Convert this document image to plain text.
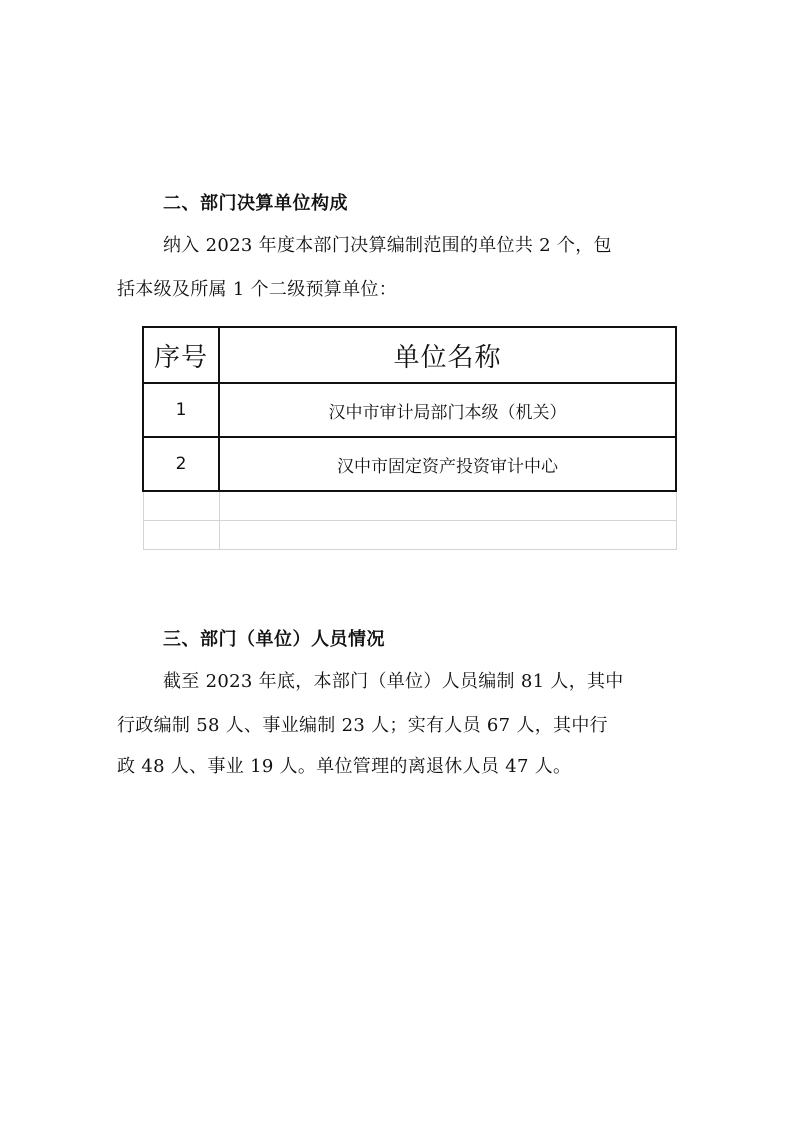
二、部门决算单位构成
纳入 2023 年度本部门决算编制范围的单位共 2 个，包
括本级及所属 1 个二级预算单位：
序号	单位名称
1	汉中市审计局部门本级（机关）
2	汉中市固定资产投资审计中心

三、部门（单位）人员情况
截至 2023 年底，本部门（单位）人员编制 81 人，其中
行政编制 58 人、事业编制 23 人；实有人员 67 人，其中行
政 48 人、事业 19 人。单位管理的离退休人员 47 人。
